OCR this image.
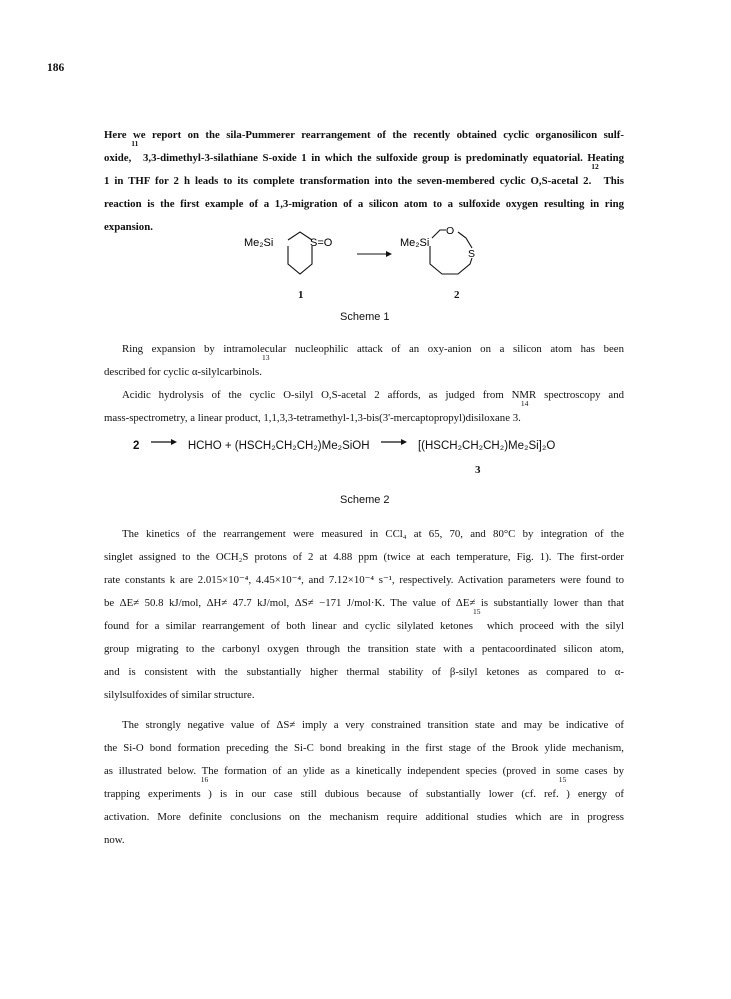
186
Here we report on the sila-Pummerer rearrangement of the recently obtained cyclic organosilicon sulf-
oxide,$^{11}$ 3,3-dimethyl-3-silathiane S-oxide 1 in which the sulfoxide group is predominatly equatorial. Heating
1 in THF for 2 h leads to its complete transformation into the seven-membered cyclic O,S-acetal 2.12 This
reaction is the first example of a 1,3-migration of a silicon atom to a sulfoxide oxygen resulting in ring
expansion.
Me₂Si	S=O	Me₂Si
O
S
1	2
Scheme 1
Ring expansion by intramolecular nucleophilic attack of an oxy-anion on a silicon atom has been
described for cyclic α-silylcarbinols.$^{13}$
Acidic hydrolysis of the cyclic O-silyl O,S-acetal 2 affords, as judged from NMR spectroscopy and
mass-spectrometry, a linear product, 1,1,3,3-tetramethyl-1,3-bis(3'-mercaptopropyl)disiloxane 3.14
2 → HCHO + (HSCH₂CH₂CH₂)Me₂SiOH → [(HSCH₂CH₂CH₂)Me₂Si]₂O
3
Scheme 2
The kinetics of the rearrangement were measured in CCl₄ at 65, 70, and 80°C by integration of the
singlet assigned to the OCH₂S protons of 2 at 4.88 ppm (twice at each temperature, Fig. 1). The first-order
rate constants k are 2.015×10⁻⁴, 4.45×10⁻⁴, and 7.12×10⁻⁴ s⁻¹, respectively. Activation parameters were found to
be ΔE≠ 50.8 kJ/mol, ΔH≠ 47.7 kJ/mol, ΔS≠ −171 J/mol·K. The value of ΔE≠ is substantially lower than that
found for a similar rearrangement of both linear and cyclic silylated ketones$^{15}$ which proceed with the silyl
group migrating to the carbonyl oxygen through the transition state with a pentacoordinated silicon atom,
and is consistent with the substantially higher thermal stability of β-silyl ketones as compared to α-
silylsulfoxides of similar structure.
The strongly negative value of ΔS≠ imply a very constrained transition state and may be indicative of
the Si-O bond formation preceding the Si-C bond breaking in the first stage of the Brook ylide mechanism,
as illustrated below. The formation of an ylide as a kinetically independent species (proved in some cases by
trapping experiments$^{16}$) is in our case still dubious because of substantially lower (cf. ref.$^{15}$) energy of
activation. More definite conclusions on the mechanism require additional studies which are in progress
now.
